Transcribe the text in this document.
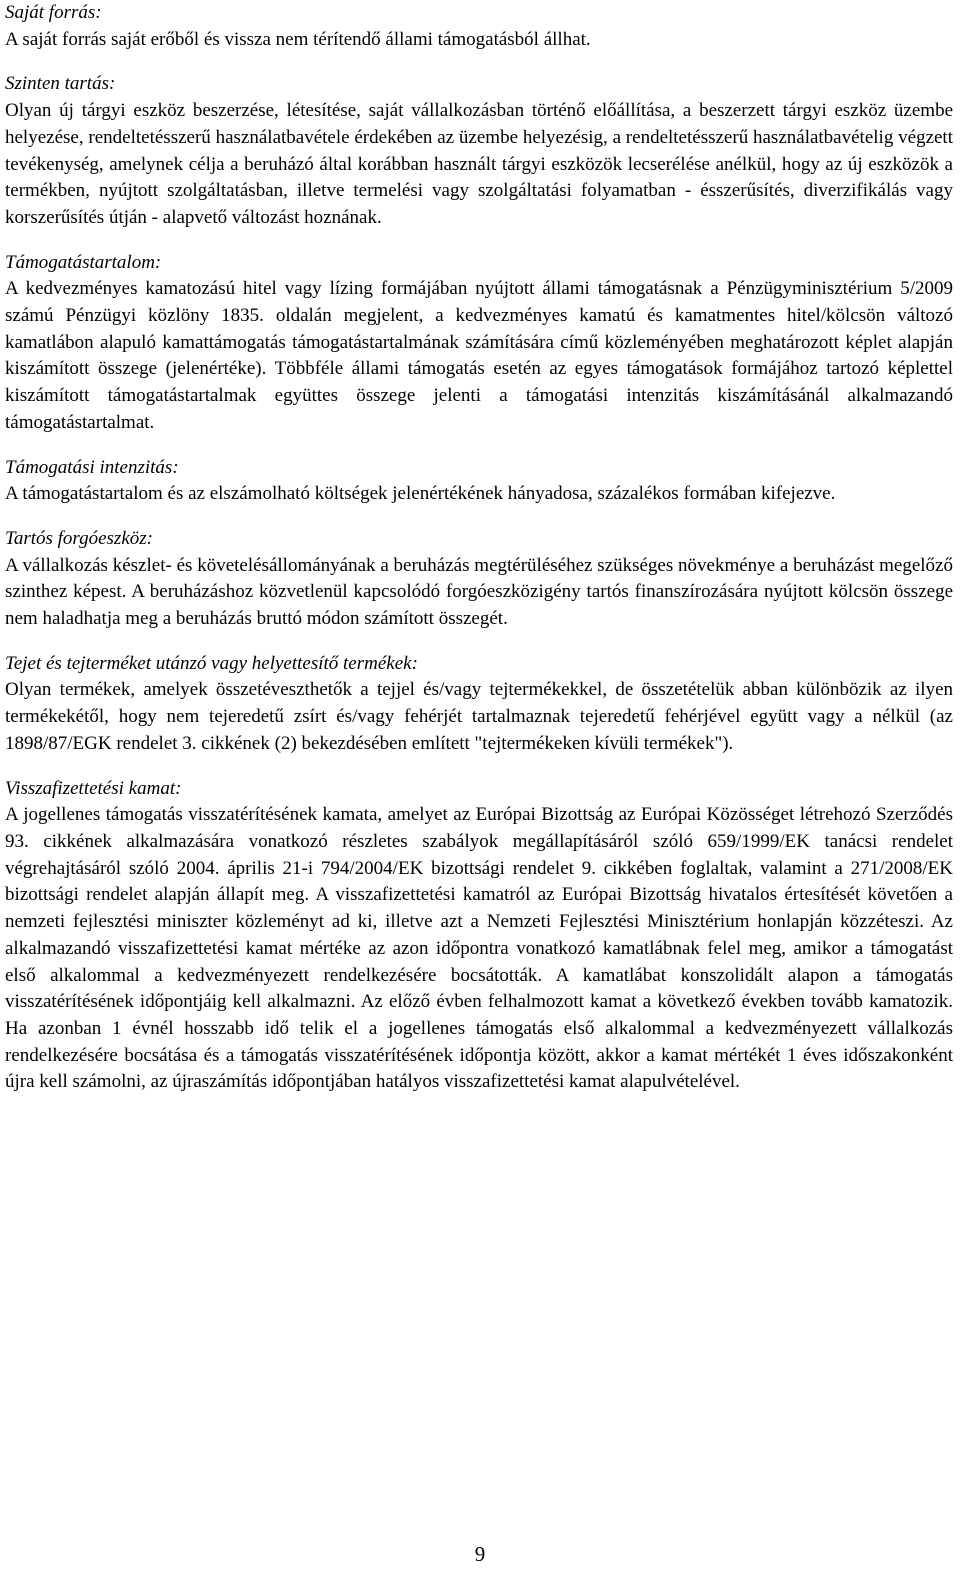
Saját forrás:

A saját forrás saját erőből és vissza nem térítendő állami támogatásból állhat.

Szinten tartás:

Olyan új tárgyi eszköz beszerzése, létesítése, saját vállalkozásban történő előállítása, a beszerzett tárgyi eszköz üzembe helyezése, rendeltetésszerű használatbavétele érdekében az üzembe helyezésig, a rendeltetésszerű használatbavételig végzett tevékenység, amelynek célja a beruházó által korábban használt tárgyi eszközök lecserélése anélkül, hogy az új eszközök a termékben, nyújtott szolgáltatásban, illetve termelési vagy szolgáltatási folyamatban - ésszerűsítés, diverzifikálás vagy korszerűsítés útján - alapvető változást hoznának.

Támogatástartalom:

A kedvezményes kamatozású hitel vagy lízing formájában nyújtott állami támogatásnak a Pénzügyminisztérium 5/2009 számú Pénzügyi közlöny 1835. oldalán megjelent, a kedvezményes kamatú és kamatmentes hitel/kölcsön változó kamatlábon alapuló kamattámogatás támogatástartalmának számítására című közleményében meghatározott képlet alapján kiszámított összege (jelenértéke). Többféle állami támogatás esetén az egyes támogatások formájához tartozó képlettel kiszámított támogatástartalmak együttes összege jelenti a támogatási intenzitás kiszámításánál alkalmazandó támogatástartalmat.

Támogatási intenzitás:

A támogatástartalom és az elszámolható költségek jelenértékének hányadosa, százalékos formában kifejezve.

Tartós forgóeszköz:

A vállalkozás készlet- és követelésállományának a beruházás megtérüléséhez szükséges növekménye a beruházást megelőző szinthez képest. A beruházáshoz közvetlenül kapcsolódó forgóeszközigény tartós finanszírozására nyújtott kölcsön összege nem haladhatja meg a beruházás bruttó módon számított összegét.

Tejet és tejterméket utánzó vagy helyettesítő termékek:

Olyan termékek, amelyek összetéveszthetők a tejjel és/vagy tejtermékekkel, de összetételük abban különbözik az ilyen termékekétől, hogy nem tejeredetű zsírt és/vagy fehérjét tartalmaznak tejeredetű fehérjével együtt vagy a nélkül (az 1898/87/EGK rendelet 3. cikkének (2) bekezdésében említett "tejtermékeken kívüli termékek").

Visszafizettetési kamat:

A jogellenes támogatás visszatérítésének kamata, amelyet az Európai Bizottság az Európai Közösséget létrehozó Szerződés 93. cikkének alkalmazására vonatkozó részletes szabályok megállapításáról szóló 659/1999/EK tanácsi rendelet végrehajtásáról szóló 2004. április 21-i 794/2004/EK bizottsági rendelet 9. cikkében foglaltak, valamint a 271/2008/EK bizottsági rendelet alapján állapít meg. A visszafizettetési kamatról az Európai Bizottság hivatalos értesítését követően a nemzeti fejlesztési miniszter közleményt ad ki, illetve azt a Nemzeti Fejlesztési Minisztérium honlapján közzéteszi. Az alkalmazandó visszafizettetési kamat mértéke az azon időpontra vonatkozó kamatlábnak felel meg, amikor a támogatást első alkalommal a kedvezményezett rendelkezésére bocsátották. A kamatlábat konszolidált alapon a támogatás visszatérítésének időpontjáig kell alkalmazni. Az előző évben felhalmozott kamat a következő években tovább kamatozik. Ha azonban 1 évnél hosszabb idő telik el a jogellenes támogatás első alkalommal a kedvezményezett vállalkozás rendelkezésére bocsátása és a támogatás visszatérítésének időpontja között, akkor a kamat mértékét 1 éves időszakonként újra kell számolni, az újraszámítás időpontjában hatályos visszafizettetési kamat alapulvételével.

9
